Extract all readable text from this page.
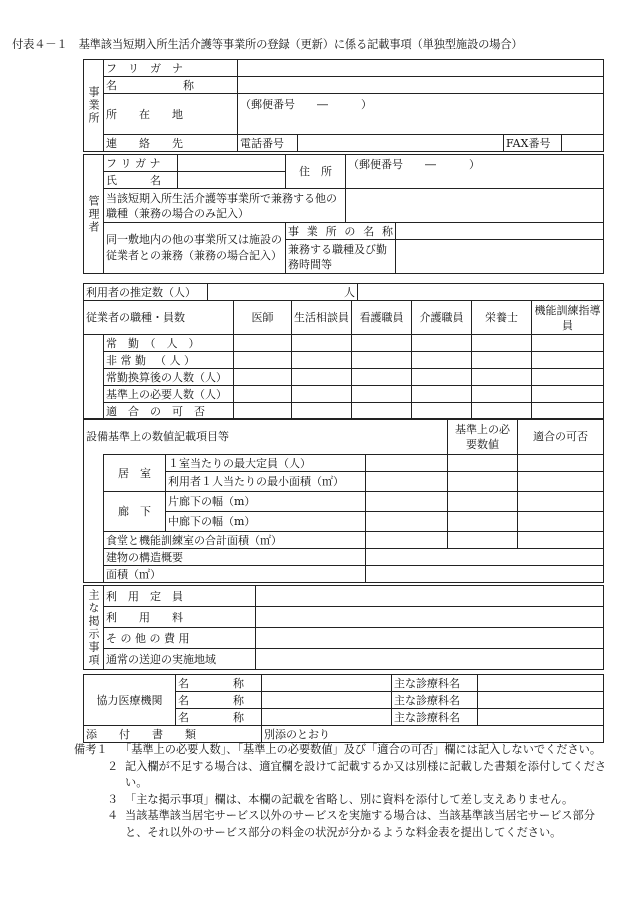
付表４－１　基準該当短期入所生活介護等事業所の登録（更新）に係る記載事項（単独型施設の場合）
事業所	フ　リ　ガ　ナ				
	名　　　　　　称				
	所　　在　　地	（郵便番号　　―　　　）			
	連　　絡　　先	電話番号		FAX番号	
管理者	フ リ ガ ナ		住　所	（郵便番号　　―　　　）	
	氏　　　名				
	当該短期入所生活介護等事業所で兼務する他の職種（兼務の場合のみ記入）				
	同一敷地内の他の事業所又は施設の従業者との兼務（兼務の場合記入）		事業所の名称		
			兼務する職種及び勤務時間等		
利用者の推定数（人）	人	
従業者の職種・員数		医師	生活相談員	看護職員	介護職員	栄養士	機能訓練指導員
	常　勤　（　人　）						
	非 常 勤 　（ 人 ）						
	常勤換算後の人数（人）						
	基準上の必要人数（人）						
	適　合　の　可　否						
設備基準上の数値記載項目等				基準上の必要数値	適合の可否
	居　室	１室当たりの最大定員（人）			
		利用者１人当たりの最小面積（㎡）			
	廊　下	片廊下の幅（m）			
		中廊下の幅（m）			
	食堂と機能訓練室の合計面積（㎡）				
	建物の構造概要				
	面積（㎡）				
主な掲示事項	利　用　定　員	
	利　　用　　料	
	そ の 他 の 費 用	
	通常の送迎の実施地域	
協力医療機関	名　　　　称		主な診療科名	
	名　　　　称		主な診療科名	
	名　　　　称		主な診療科名	
添　　付　　書　　類	別添のとおり
備考１ 「基準上の必要人数」、「基準上の必要数値」及び「適合の可否」欄には記入しないでください。
２ 記入欄が不足する場合は、適宜欄を設けて記載するか又は別様に記載した書類を添付してください。
３ 「主な掲示事項」欄は、本欄の記載を省略し、別に資料を添付して差し支えありません。
４ 当該基準該当居宅サービス以外のサービスを実施する場合は、当該基準該当居宅サービス部分と、それ以外のサービス部分の料金の状況が分かるような料金表を提出してください。
